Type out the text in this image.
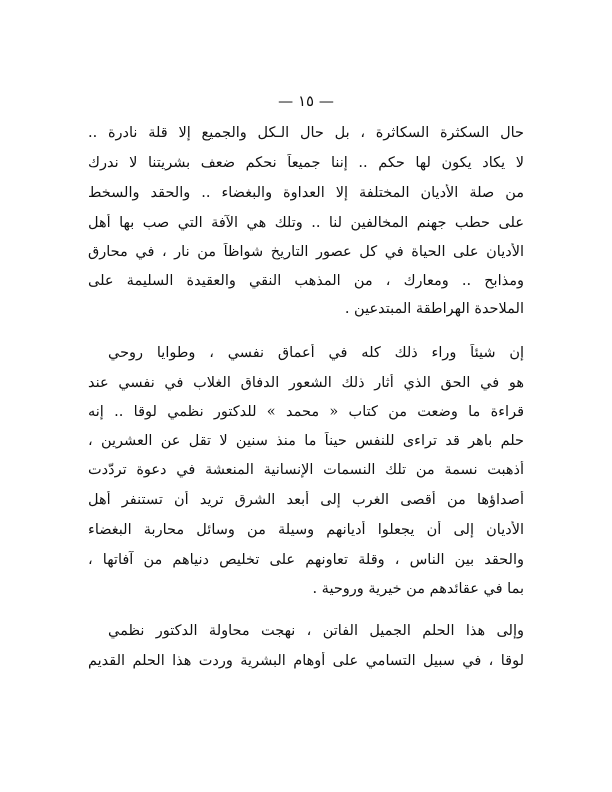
— ١٥ —
حال السكثرة السكاثرة ، بل حال الـكل والجميع إلا قلة نادرة ..
لا يكاد يكون لها حكم .. إننا جميعاً نحكم ضعف بشريتنا لا ندرك
من صلة الأديان المختلفة إلا العداوة والبغضاء .. والحقد والسخط
على حطب جهنم المخالفين لنا .. وتلك هي الآفة التي صب بها أهل
الأديان على الحياة في كل عصور التاريخ شواظاً من نار ، في محارق
ومذابح .. ومعارك ، من المذهب النقي والعقيدة السليمة على
الملاحدة الهراطقة المبتدعين .
إن شيئاً وراء ذلك كله في أعماق نفسي ، وطوايا روحي
هو في الحق الذي أثار ذلك الشعور الدفاق الغلاب في نفسي عند
قراءة ما وضعت من كتاب « محمد » للدكتور نظمي لوقا .. إنه
حلم باهر قد تراءى للنفس حيناً ما منذ سنين لا تقل عن العشرين ،
أذهبت نسمة من تلك النسمات الإنسانية المنعشة في دعوة تردّدت
أصداؤها من أقصى الغرب إلى أبعد الشرق تريد أن تستنفر أهل
الأديان إلى أن يجعلوا أديانهم وسيلة من وسائل محاربة البغضاء
والحقد بين الناس ، وقلة تعاونهم على تخليص دنياهم من آفاتها ،
بما في عقائدهم من خيرية وروحية .
وإلى هذا الحلم الجميل الفاتن ، نهجت محاولة الدكتور نظمي
لوقا ، في سبيل التسامي على أوهام البشرية وردت هذا الحلم القديم
